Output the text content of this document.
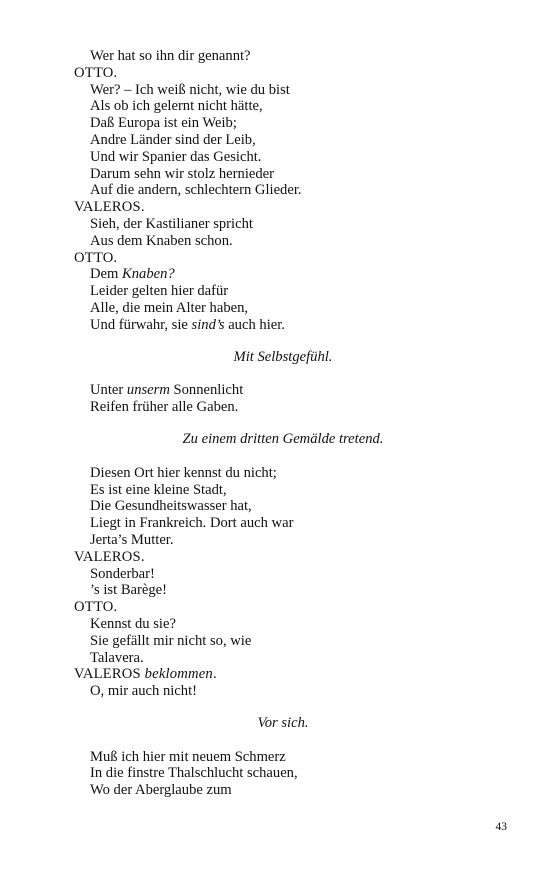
Wer hat so ihn dir genannt?
OTTO.
Wer? – Ich weiß nicht, wie du bist
Als ob ich gelernt nicht hätte,
Daß Europa ist ein Weib;
Andre Länder sind der Leib,
Und wir Spanier das Gesicht.
Darum sehn wir stolz hernieder
Auf die andern, schlechtern Glieder.
VALEROS.
Sieh, der Kastilianer spricht
Aus dem Knaben schon.
OTTO.
Dem Knaben?
Leider gelten hier dafür
Alle, die mein Alter haben,
Und fürwahr, sie sind’s auch hier.
Mit Selbstgefühl.
Unter unserm Sonnenlicht
Reifen früher alle Gaben.
Zu einem dritten Gemälde tretend.
Diesen Ort hier kennst du nicht;
Es ist eine kleine Stadt,
Die Gesundheitswasser hat,
Liegt in Frankreich. Dort auch war
Jerta’s Mutter.
VALEROS.
Sonderbar!
’s ist Barège!
OTTO.
Kennst du sie?
Sie gefällt mir nicht so, wie
Talavera.
VALEROS beklommen.
O, mir auch nicht!
Vor sich.
Muß ich hier mit neuem Schmerz
In die finstre Thalschlucht schauen,
Wo der Aberglaube zum
43
